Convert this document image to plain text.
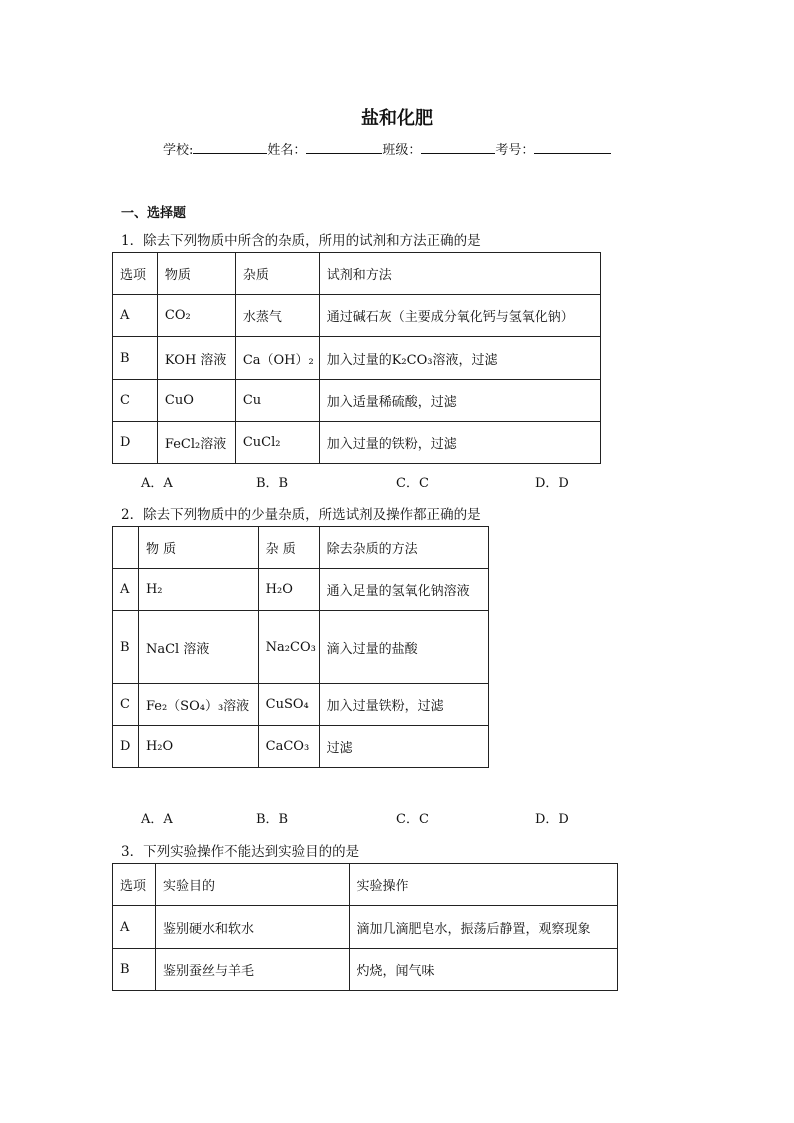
盐和化肥
学校:	姓名：	班级：	考号：
一、选择题
1．除去下列物质中所含的杂质，所用的试剂和方法正确的是
选项	物质	杂质	试剂和方法
A	CO₂	水蒸气	通过碱石灰（主要成分氧化钙与氢氧化钠）
B	KOH 溶液	Ca（OH）₂	加入过量的K₂CO₃溶液，过滤
C	CuO	Cu	加入适量稀硫酸，过滤
D	FeCl₂溶液	CuCl₂	加入过量的铁粉，过滤
A．A	B．B	C．C	D．D
2．除去下列物质中的少量杂质，所选试剂及操作都正确的是
	物 质	杂 质	除去杂质的方法
A	H₂	H₂O	通入足量的氢氧化钠溶液
B	NaCl 溶液	Na₂CO₃	滴入过量的盐酸
C	Fe₂（SO₄）₃溶液	CuSO₄	加入过量铁粉，过滤
D	H₂O	CaCO₃	过滤
A．A	B．B	C．C	D．D
3．下列实验操作不能达到实验目的的是
选项	实验目的	实验操作
A	鉴别硬水和软水	滴加几滴肥皂水，振荡后静置，观察现象
B	鉴别蚕丝与羊毛	灼烧，闻气味
